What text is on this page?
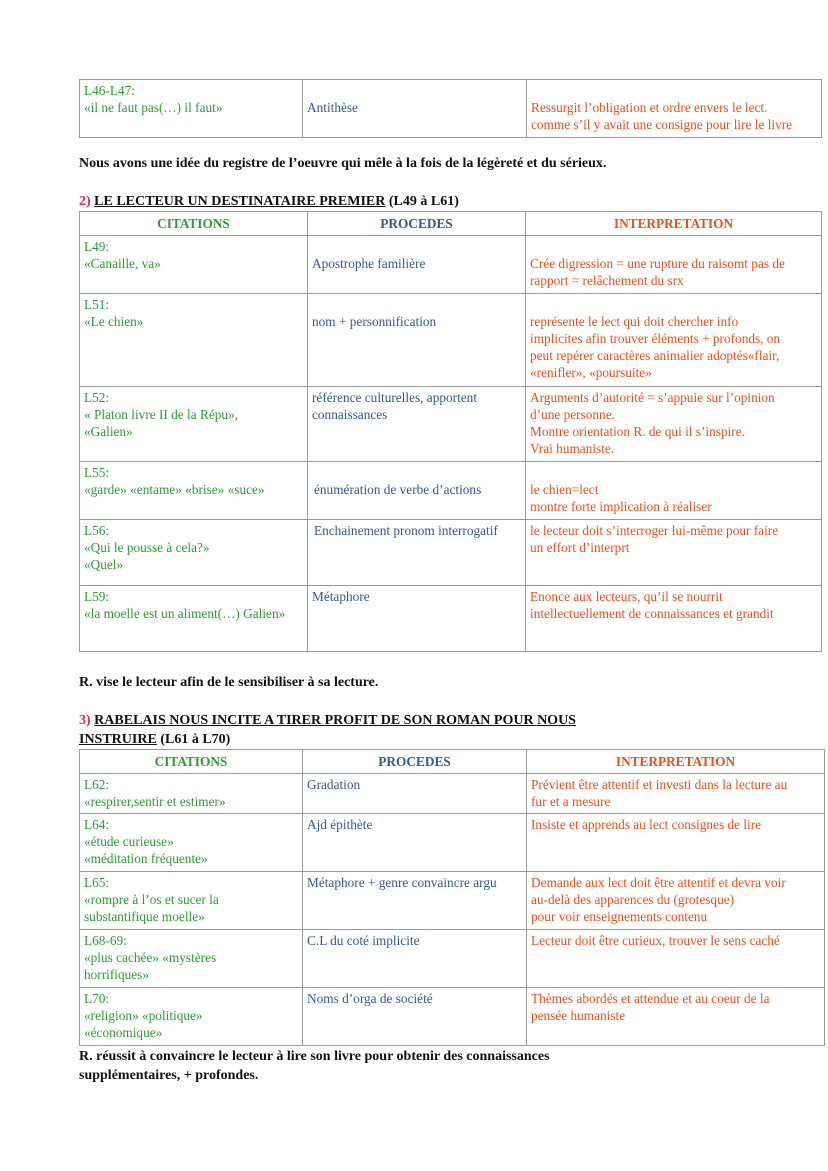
L46-L47:
«il ne faut pas(…) il faut»	Antithèse	Ressurgit l’obligation et ordre envers le lect.
comme s’il y avait une consigne pour lire le livre
Nous avons une idée du registre de l’oeuvre qui mêle à la fois de la légèreté et du sérieux.
2) LE LECTEUR UN DESTINATAIRE PREMIER (L49 à L61)
CITATIONS	PROCEDES	INTERPRETATION

L49:
«Canaille, va»	Apostrophe familière	Crée digression = une rupture du raisomt pas de
rapport = relâchement du srx

L51:
«Le chien»	nom + personnification	représente le lect qui doit chercher info
implicites afin trouver éléments + profonds, on
peut repérer caractères animalier adoptés«flair,
«renifler», «poursuite»

L52:
« Platon livre II de la Répu»,
«Galien»	référence culturelles, apportent
connaissances	Arguments d’autorité = s’appuie sur l’opinion
d’une personne.
Montre orientation R. de qui il s’inspire.
Vrai humaniste.

L55:
«garde» «entame» «brise» «suce»	énumération de verbe d’actions	le chien=lect
montre forte implication à réaliser

L56:
«Qui le pousse à cela?»
«Quel»	Enchainement pronom interrogatif	le lecteur doit s’interroger lui-même pour faire
un effort d’interprt

L59:
«la moelle est un aliment(…) Galien»	Métaphore	Enonce aux lecteurs, qu’il se nourrit
intellectuellement de connaissances et grandit
R. vise le lecteur afin de le sensibiliser à sa lecture.
3) RABELAIS NOUS INCITE A TIRER PROFIT DE SON ROMAN POUR NOUS
INSTRUIRE (L61 à L70)
CITATIONS	PROCEDES	INTERPRETATION

L62:
«respirer,sentir et estimer»	Gradation	Prévient être attentif et investi dans la lecture au
fur et a mesure

L64:
«étude curieuse»
«méditation fréquente»	Ajd épithète	Insiste et apprends au lect consignes de lire

L65:
«rompre à l’os et sucer la
substantifique moelle»	Métaphore + genre convaincre argu	Demande aux lect doit être attentif et devra voir
au-delà des apparences du (grotesque)
pour voir enseignements contenu

L68-69:
«plus cachée» «mystères
horrifiques»	C.L du coté implicite	Lecteur doit être curieux, trouver le sens caché

L70:
«religion» «politique»
«économique»	Noms d’orga de société	Thèmes abordés et attendue et au coeur de la
pensée humaniste
R. réussit à convaincre le lecteur à lire son livre pour obtenir des connaissances
supplémentaires, + profondes.
